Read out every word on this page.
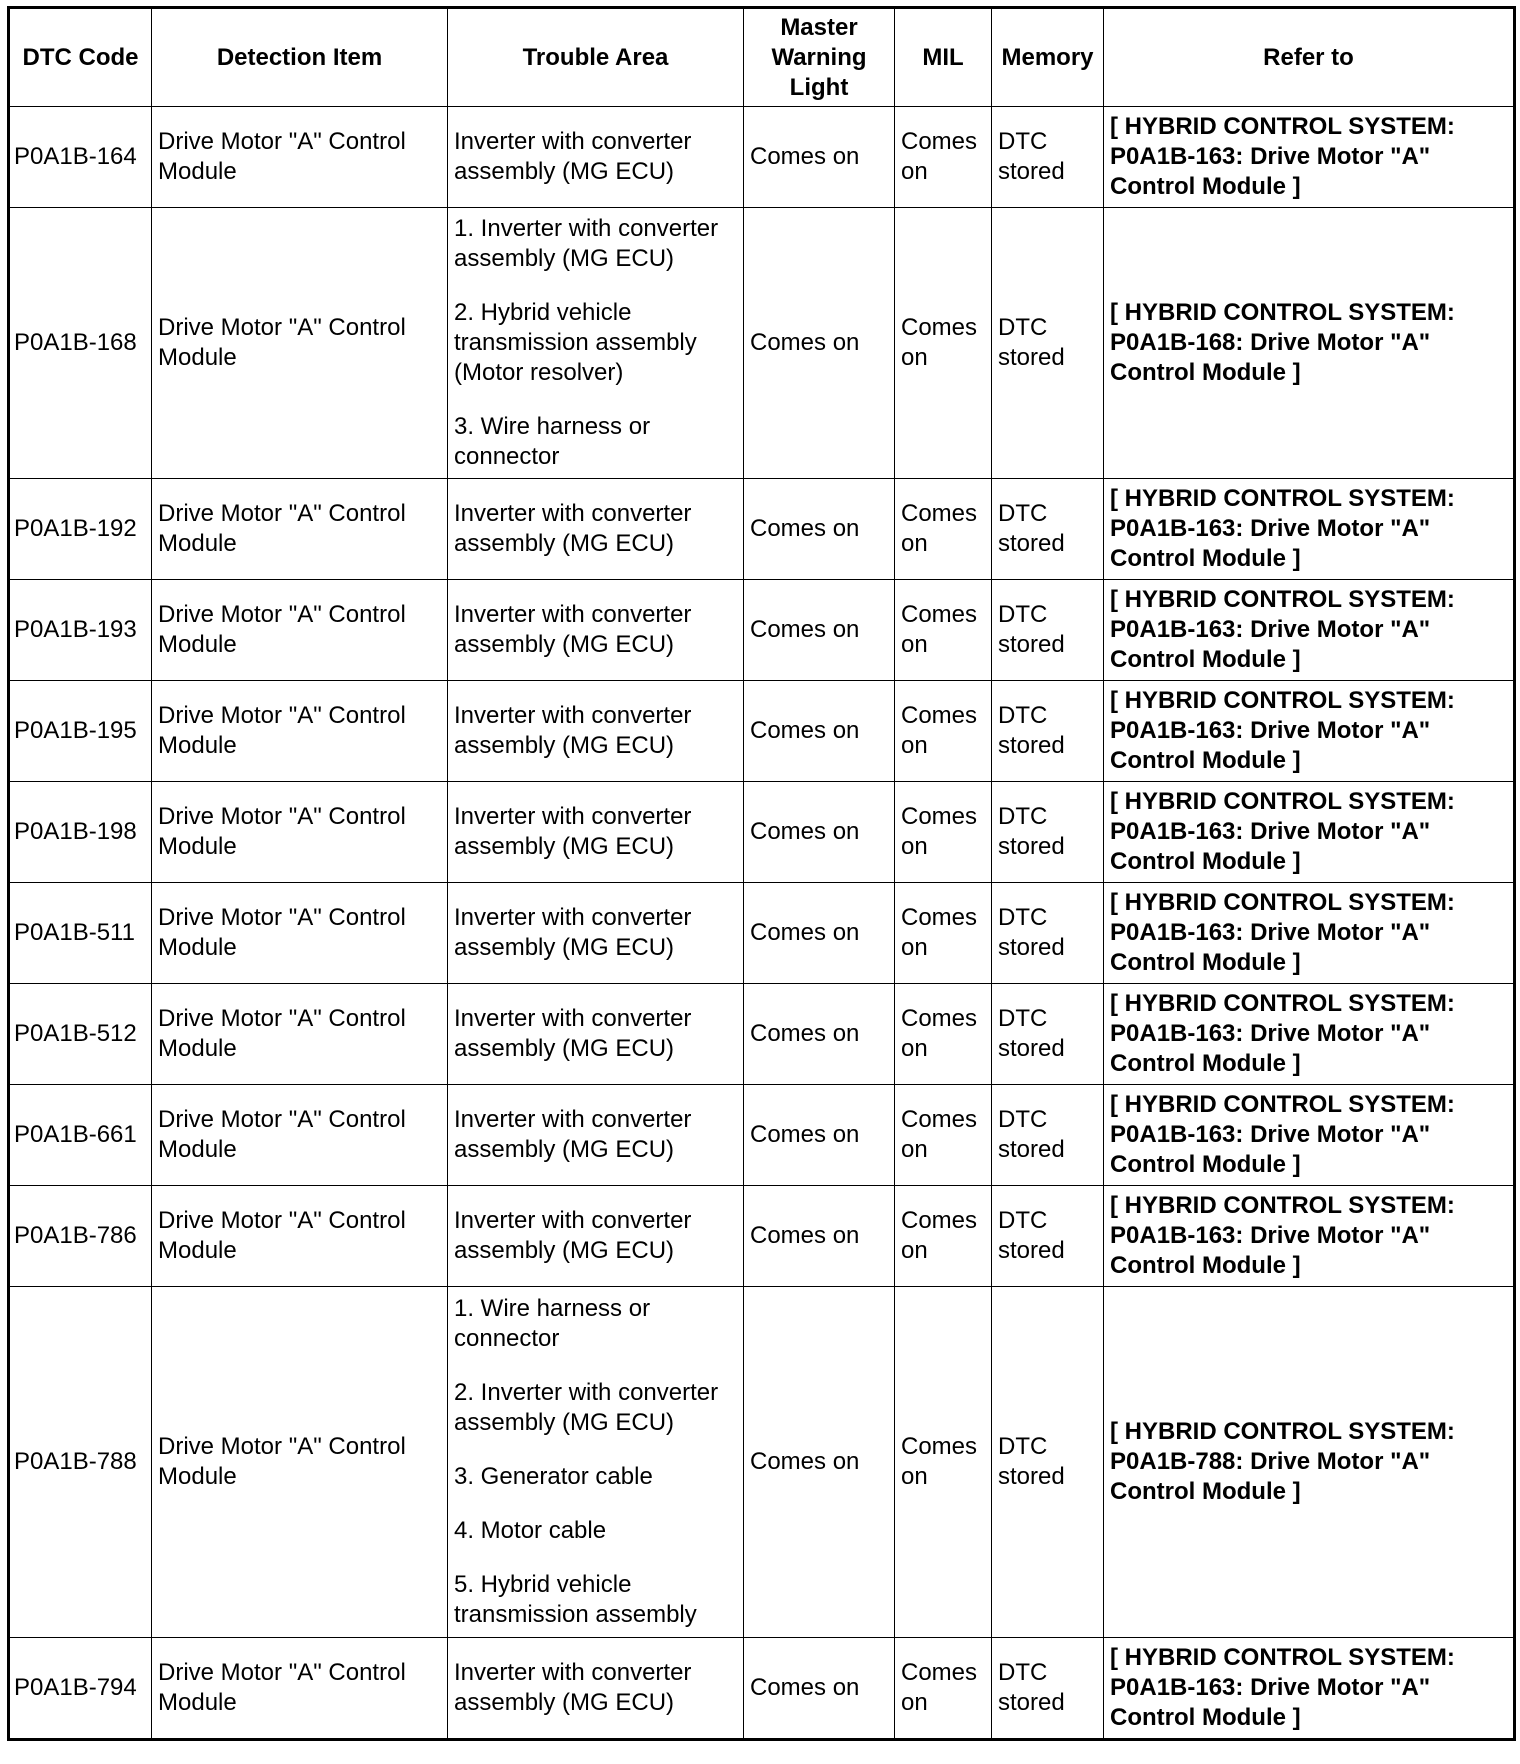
DTC Code	Detection Item	Trouble Area	Master Warning Light	MIL	Memory	Refer to
P0A1B-164	Drive Motor "A" Control Module	Inverter with converter assembly (MG ECU)	Comes on	Comes on	DTC stored	[ HYBRID CONTROL SYSTEM: P0A1B-163: Drive Motor "A" Control Module ]
P0A1B-168	Drive Motor "A" Control Module	1. Inverter with converter assembly (MG ECU)

2. Hybrid vehicle transmission assembly (Motor resolver)

3. Wire harness or connector	Comes on	Comes on	DTC stored	[ HYBRID CONTROL SYSTEM: P0A1B-168: Drive Motor "A" Control Module ]
P0A1B-192	Drive Motor "A" Control Module	Inverter with converter assembly (MG ECU)	Comes on	Comes on	DTC stored	[ HYBRID CONTROL SYSTEM: P0A1B-163: Drive Motor "A" Control Module ]
P0A1B-193	Drive Motor "A" Control Module	Inverter with converter assembly (MG ECU)	Comes on	Comes on	DTC stored	[ HYBRID CONTROL SYSTEM: P0A1B-163: Drive Motor "A" Control Module ]
P0A1B-195	Drive Motor "A" Control Module	Inverter with converter assembly (MG ECU)	Comes on	Comes on	DTC stored	[ HYBRID CONTROL SYSTEM: P0A1B-163: Drive Motor "A" Control Module ]
P0A1B-198	Drive Motor "A" Control Module	Inverter with converter assembly (MG ECU)	Comes on	Comes on	DTC stored	[ HYBRID CONTROL SYSTEM: P0A1B-163: Drive Motor "A" Control Module ]
P0A1B-511	Drive Motor "A" Control Module	Inverter with converter assembly (MG ECU)	Comes on	Comes on	DTC stored	[ HYBRID CONTROL SYSTEM: P0A1B-163: Drive Motor "A" Control Module ]
P0A1B-512	Drive Motor "A" Control Module	Inverter with converter assembly (MG ECU)	Comes on	Comes on	DTC stored	[ HYBRID CONTROL SYSTEM: P0A1B-163: Drive Motor "A" Control Module ]
P0A1B-661	Drive Motor "A" Control Module	Inverter with converter assembly (MG ECU)	Comes on	Comes on	DTC stored	[ HYBRID CONTROL SYSTEM: P0A1B-163: Drive Motor "A" Control Module ]
P0A1B-786	Drive Motor "A" Control Module	Inverter with converter assembly (MG ECU)	Comes on	Comes on	DTC stored	[ HYBRID CONTROL SYSTEM: P0A1B-163: Drive Motor "A" Control Module ]
P0A1B-788	Drive Motor "A" Control Module	1. Wire harness or connector

2. Inverter with converter assembly (MG ECU)

3. Generator cable

4. Motor cable

5. Hybrid vehicle transmission assembly	Comes on	Comes on	DTC stored	[ HYBRID CONTROL SYSTEM: P0A1B-788: Drive Motor "A" Control Module ]
P0A1B-794	Drive Motor "A" Control Module	Inverter with converter assembly (MG ECU)	Comes on	Comes on	DTC stored	[ HYBRID CONTROL SYSTEM: P0A1B-163: Drive Motor "A" Control Module ]
